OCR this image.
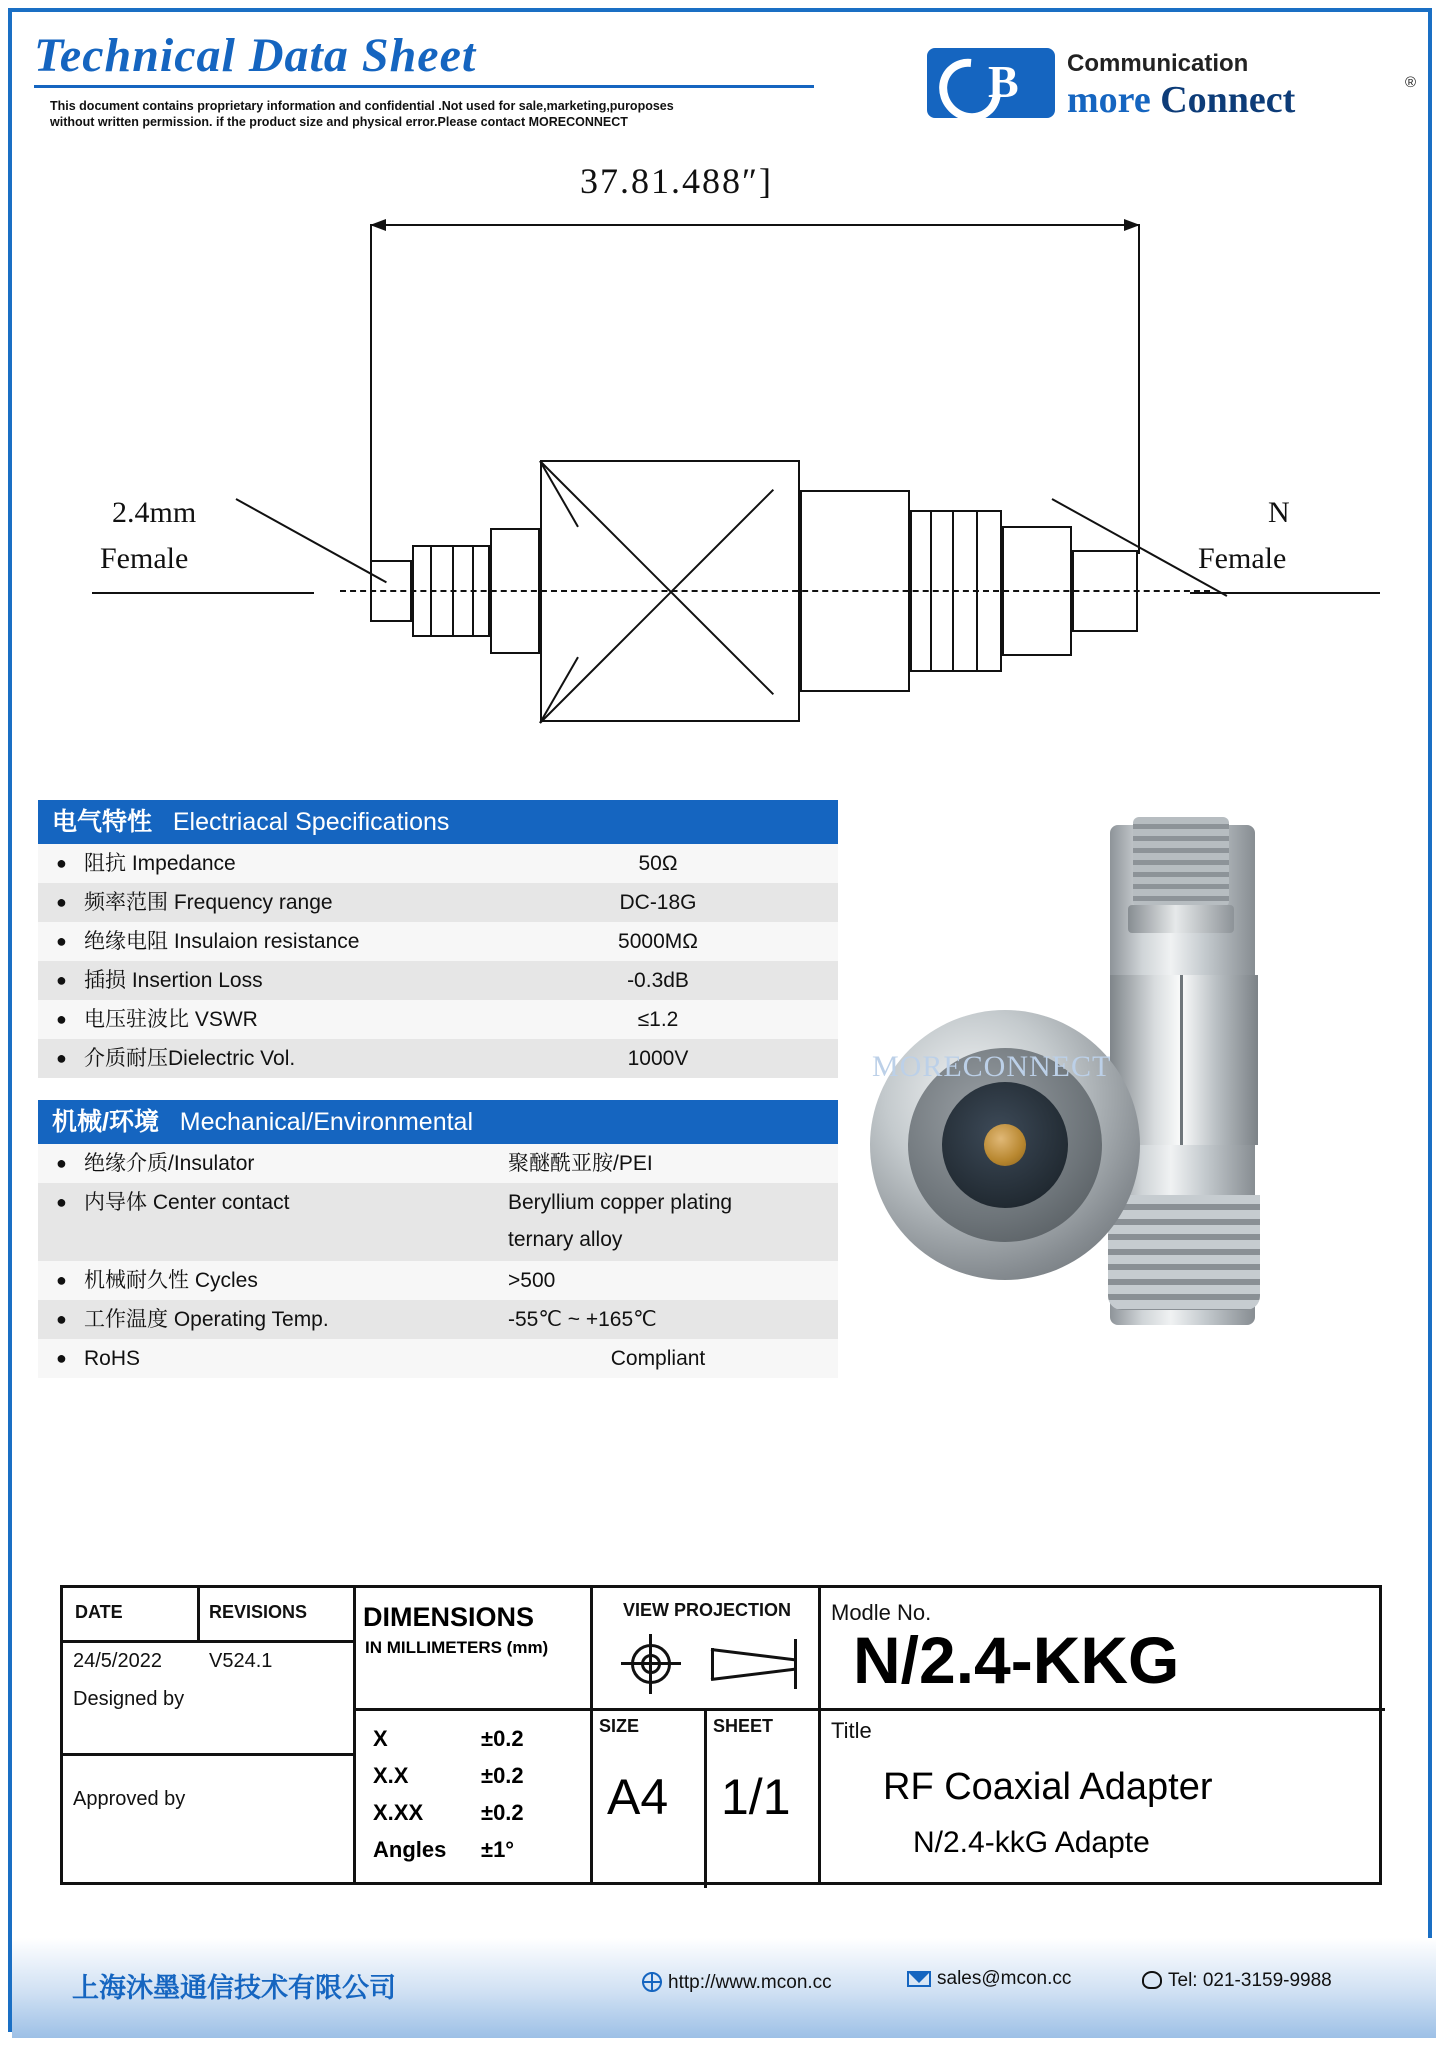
Technical Data Sheet
This document contains proprietary information and confidential .Not used for sale,marketing,puroposes
without written permission. if the product size and physical error.Please contact MORECONNECT
B Communication
more Connect	®
37.81.488″]
2.4mm
Female
N
Female
电气特性 Electriacal Specifications
● 阻抗 Impedance	50Ω
● 频率范围 Frequency range	DC-18G
● 绝缘电阻 Insulaion resistance	5000MΩ
● 插损 Insertion Loss	-0.3dB
● 电压驻波比 VSWR	≤1.2
● 介质耐压Dielectric Vol.	1000V
机械/环境 Mechanical/Environmental
● 绝缘介质/Insulator	聚醚酰亚胺/PEI
● 内导体 Center contact	Beryllium copper plating
ternary alloy
● 机械耐久性 Cycles	>500
● 工作温度 Operating Temp.	-55℃ ~ +165℃
● RoHS	Compliant
MORECONNECT
DATE	REVISIONS
24/5/2022 V524.1
Designed by
Approved by
DIMENSIONS
IN MILLIMETERS (mm)
X	±0.2
X.X	±0.2
X.XX	±0.2
Angles ±1°
VIEW PROJECTION
SIZE	SHEET
A4 1/1
Modle No.
N/2.4-KKG
Title
RF Coaxial Adapter
N/2.4-kkG Adapte
上海沐墨通信技术有限公司	http://www.mcon.cc	sales@mcon.cc	Tel: 021-3159-9988
